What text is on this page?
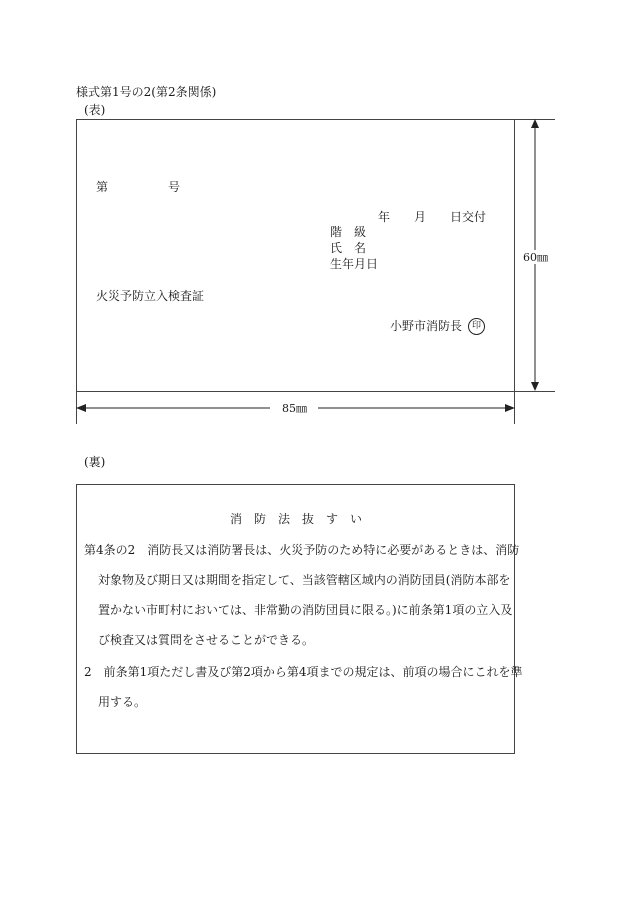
様式第1号の2(第2条関係)
(表)
第	号
年 月 日交付
階　級
氏　名
生年月日
火災予防立入検査証
小野市消防長	印
60㎜
85㎜
(裏)
消　防　法　抜　す　い
第4条の2　消防長又は消防署長は、火災予防のため特に必要があるときは、消防
対象物及び期日又は期間を指定して、当該管轄区域内の消防団員(消防本部を
置かない市町村においては、非常勤の消防団員に限る。)に前条第1項の立入及
び検査又は質問をさせることができる。
2　前条第1項ただし書及び第2項から第4項までの規定は、前項の場合にこれを準
用する。
